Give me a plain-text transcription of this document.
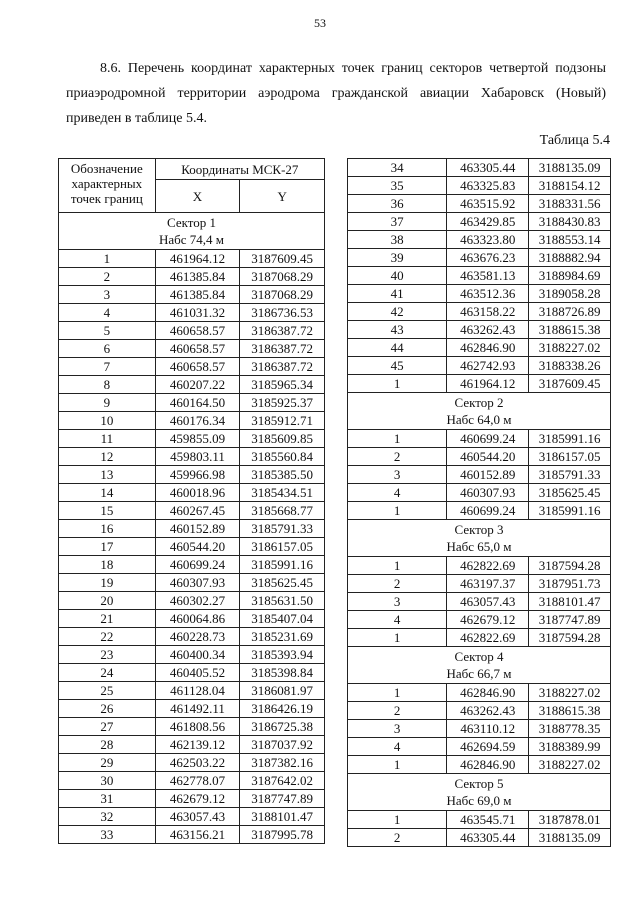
53

8.6. Перечень координат характерных точек границ секторов четвертой подзоны приаэродромной территории аэродрома гражданской авиации Хабаровск (Новый) приведен в таблице 5.4.

Таблица 5.4
Обозначение характерных точек границ	Координаты МСК-27	
	X	Y

Сектор 1
Набс 74,4 м		

1	461964.12	3187609.45
2	461385.84	3187068.29
3	461385.84	3187068.29
4	461031.32	3186736.53
5	460658.57	3186387.72
6	460658.57	3186387.72
7	460658.57	3186387.72
8	460207.22	3185965.34
9	460164.50	3185925.37
10	460176.34	3185912.71
11	459855.09	3185609.85
12	459803.11	3185560.84
13	459966.98	3185385.50
14	460018.96	3185434.51
15	460267.45	3185668.77
16	460152.89	3185791.33
17	460544.20	3186157.05
18	460699.24	3185991.16
19	460307.93	3185625.45
20	460302.27	3185631.50
21	460064.86	3185407.04
22	460228.73	3185231.69
23	460400.34	3185393.94
24	460405.52	3185398.84
25	461128.04	3186081.97
26	461492.11	3186426.19
27	461808.56	3186725.38
28	462139.12	3187037.92
29	462503.22	3187382.16
30	462778.07	3187642.02
31	462679.12	3187747.89
32	463057.43	3188101.47
33	463156.21	3187995.78
34	463305.44	3188135.09
35	463325.83	3188154.12
36	463515.92	3188331.56
37	463429.85	3188430.83
38	463323.80	3188553.14
39	463676.23	3188882.94
40	463581.13	3188984.69
41	463512.36	3189058.28
42	463158.22	3188726.89
43	463262.43	3188615.38
44	462846.90	3188227.02
45	462742.93	3188338.26
1	461964.12	3187609.45

Сектор 2
Набс 64,0 м		

1	460699.24	3185991.16
2	460544.20	3186157.05
3	460152.89	3185791.33
4	460307.93	3185625.45
1	460699.24	3185991.16

Сектор 3
Набс 65,0 м		

1	462822.69	3187594.28
2	463197.37	3187951.73
3	463057.43	3188101.47
4	462679.12	3187747.89
1	462822.69	3187594.28

Сектор 4
Набс 66,7 м		

1	462846.90	3188227.02
2	463262.43	3188615.38
3	463110.12	3188778.35
4	462694.59	3188389.99
1	462846.90	3188227.02

Сектор 5
Набс 69,0 м		

1	463545.71	3187878.01
2	463305.44	3188135.09
